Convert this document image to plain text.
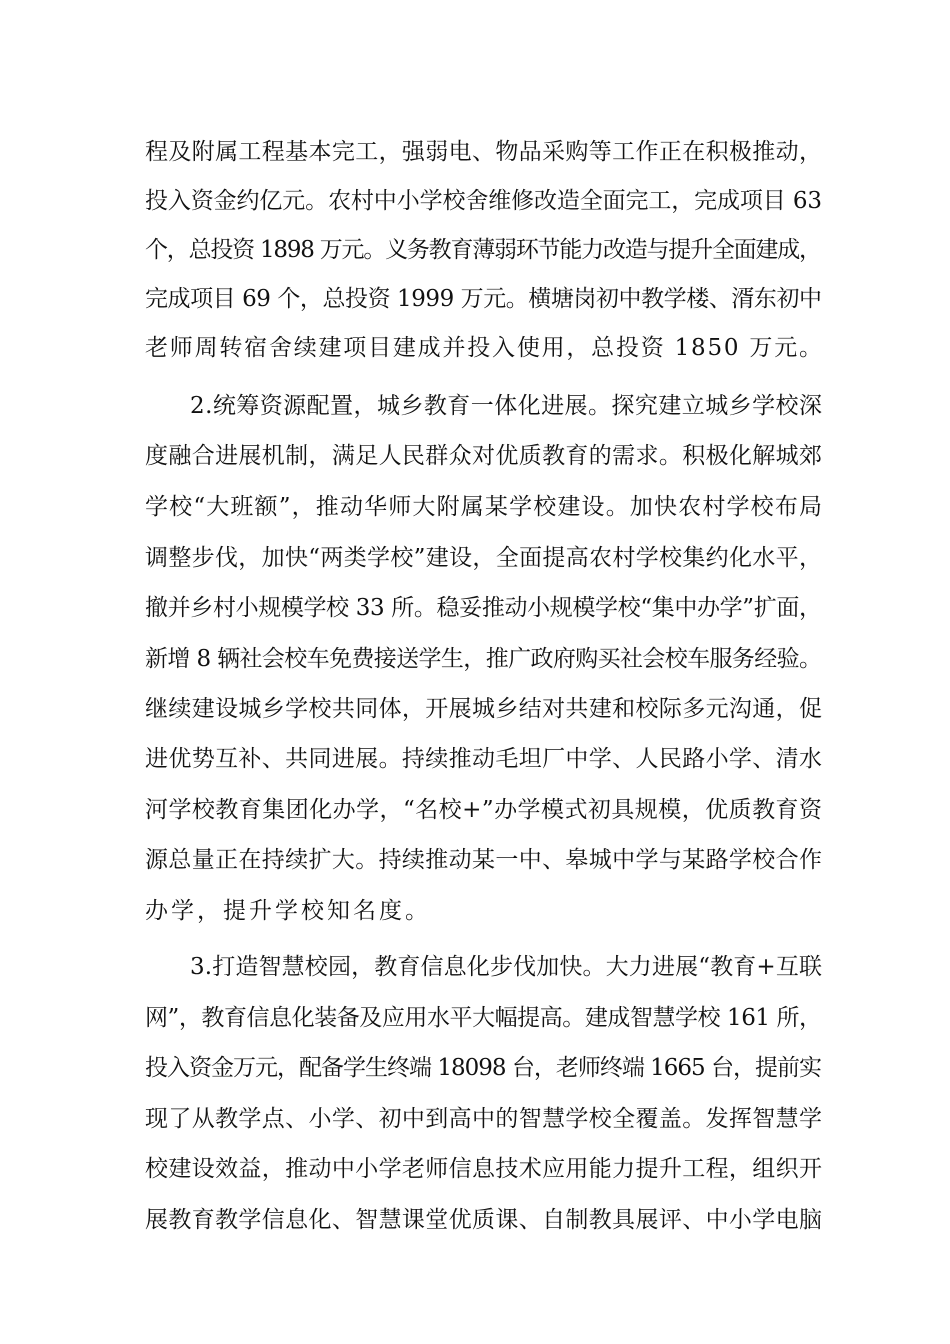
程及附属工程基本完工，强弱电、物品采购等工作正在积极推动，
投入资金约亿元。农村中小学校舍维修改造全面完工，完成项目 63
个，总投资 1898 万元。义务教育薄弱环节能力改造与提升全面建成，
完成项目 69 个，总投资 1999 万元。横塘岗初中教学楼、湑东初中
老师周转宿舍续建项目建成并投入使用，总投资 1850 万元。
2.统筹资源配置，城乡教育一体化进展。探究建立城乡学校深
度融合进展机制，满足人民群众对优质教育的需求。积极化解城郊
学校“大班额”，推动华师大附属某学校建设。加快农村学校布局
调整步伐，加快“两类学校”建设，全面提高农村学校集约化水平，
撤并乡村小规模学校 33 所。稳妥推动小规模学校“集中办学”扩面，
新增 8 辆社会校车免费接送学生，推广政府购买社会校车服务经验。
继续建设城乡学校共同体，开展城乡结对共建和校际多元沟通，促
进优势互补、共同进展。持续推动毛坦厂中学、人民路小学、清水
河学校教育集团化办学，“名校+”办学模式初具规模，优质教育资
源总量正在持续扩大。持续推动某一中、皋城中学与某路学校合作
办学，提升学校知名度。
3.打造智慧校园，教育信息化步伐加快。大力进展“教育+互联
网”，教育信息化装备及应用水平大幅提高。建成智慧学校 161 所，
投入资金万元，配备学生终端 18098 台，老师终端 1665 台，提前实
现了从教学点、小学、初中到高中的智慧学校全覆盖。发挥智慧学
校建设效益，推动中小学老师信息技术应用能力提升工程，组织开
展教育教学信息化、智慧课堂优质课、自制教具展评、中小学电脑
